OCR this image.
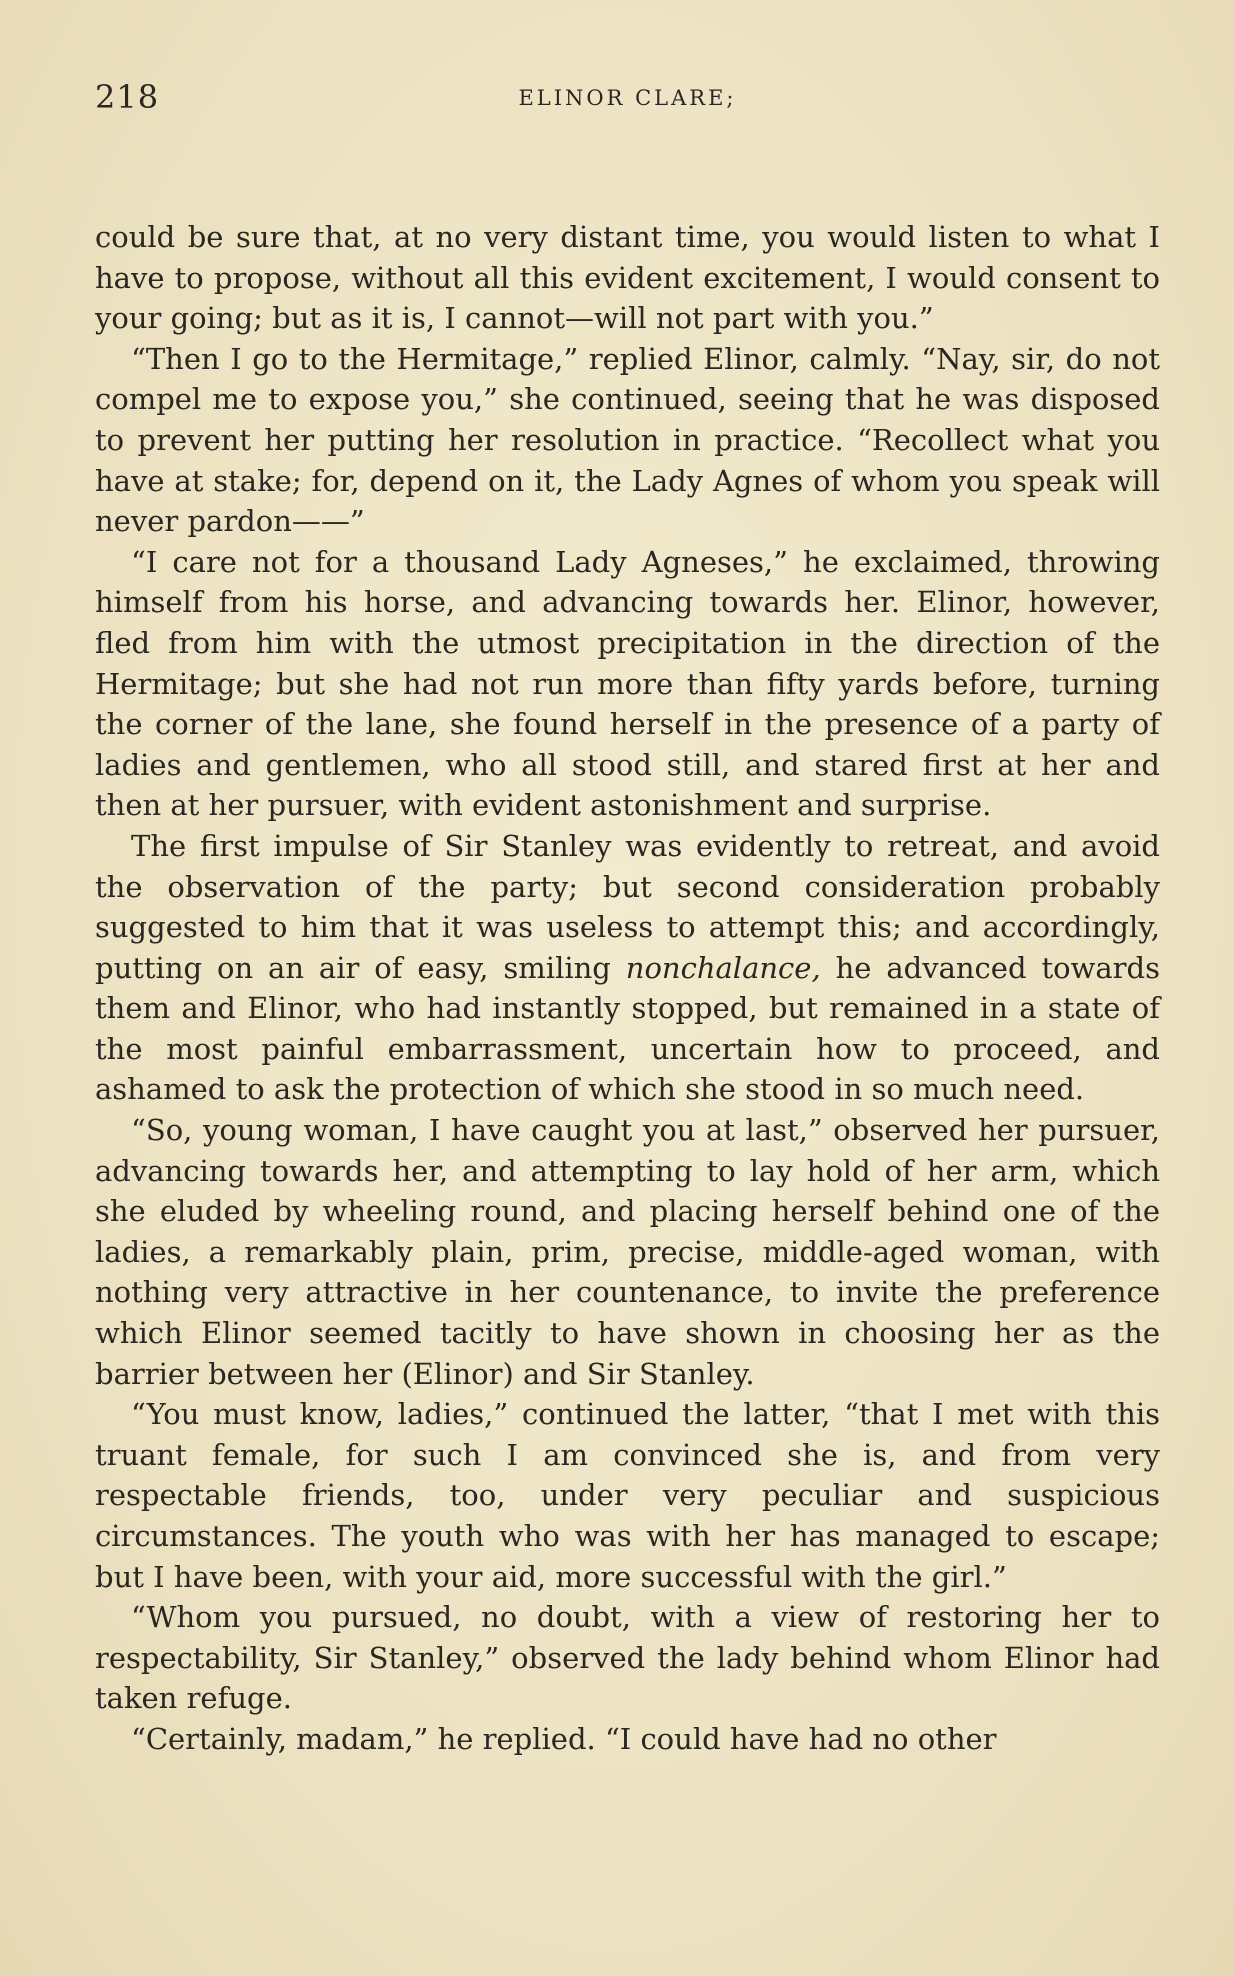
218	ELINOR CLARE;

could be sure that, at no very distant time, you would listen to what I have to propose, without all this evident excitement, I would consent to your going; but as it is, I cannot—will not part with you.”

“Then I go to the Hermitage,” replied Elinor, calmly. “Nay, sir, do not compel me to expose you,” she continued, seeing that he was disposed to prevent her putting her resolution in practice. “Recollect what you have at stake; for, depend on it, the Lady Agnes of whom you speak will never pardon——”

“I care not for a thousand Lady Agneses,” he exclaimed, throwing himself from his horse, and advancing towards her. Elinor, however, fled from him with the utmost precipitation in the direction of the Hermitage; but she had not run more than fifty yards before, turning the corner of the lane, she found herself in the presence of a party of ladies and gentlemen, who all stood still, and stared first at her and then at her pursuer, with evident astonishment and surprise.

The first impulse of Sir Stanley was evidently to retreat, and avoid the observation of the party; but second consideration probably suggested to him that it was useless to attempt this; and accordingly, putting on an air of easy, smiling nonchalance, he advanced towards them and Elinor, who had instantly stopped, but remained in a state of the most painful embarrassment, uncertain how to proceed, and ashamed to ask the protection of which she stood in so much need.

“So, young woman, I have caught you at last,” observed her pursuer, advancing towards her, and attempting to lay hold of her arm, which she eluded by wheeling round, and placing herself behind one of the ladies, a remarkably plain, prim, precise, middle-aged woman, with nothing very attractive in her countenance, to invite the preference which Elinor seemed tacitly to have shown in choosing her as the barrier between her (Elinor) and Sir Stanley.

“You must know, ladies,” continued the latter, “that I met with this truant female, for such I am convinced she is, and from very respectable friends, too, under very peculiar and suspicious circumstances. The youth who was with her has managed to escape; but I have been, with your aid, more successful with the girl.”

“Whom you pursued, no doubt, with a view of restoring her to respectability, Sir Stanley,” observed the lady behind whom Elinor had taken refuge.

“Certainly, madam,” he replied. “I could have had no other
